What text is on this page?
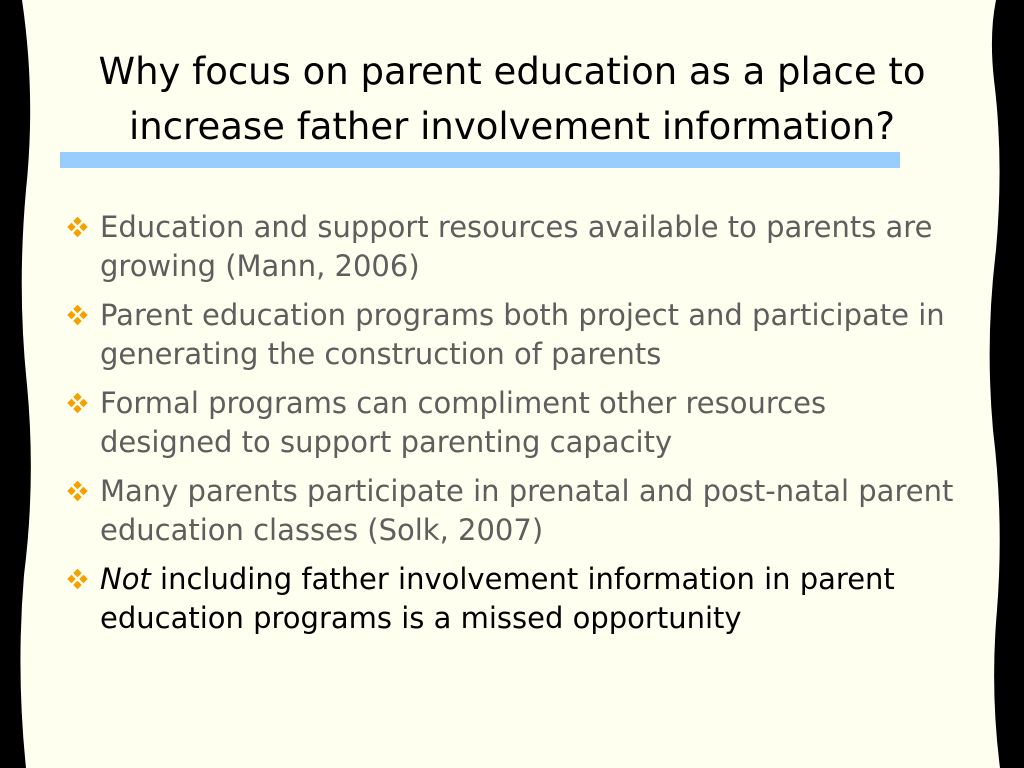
Why focus on parent education as a place to increase father involvement information?
Education and support resources available to parents are growing (Mann, 2006)
Parent education programs both project and participate in generating the construction of parents
Formal programs can compliment other resources designed to support parenting capacity
Many parents participate in prenatal and post-natal parent education classes (Solk, 2007)
Not including father involvement information in parent education programs is a missed opportunity
